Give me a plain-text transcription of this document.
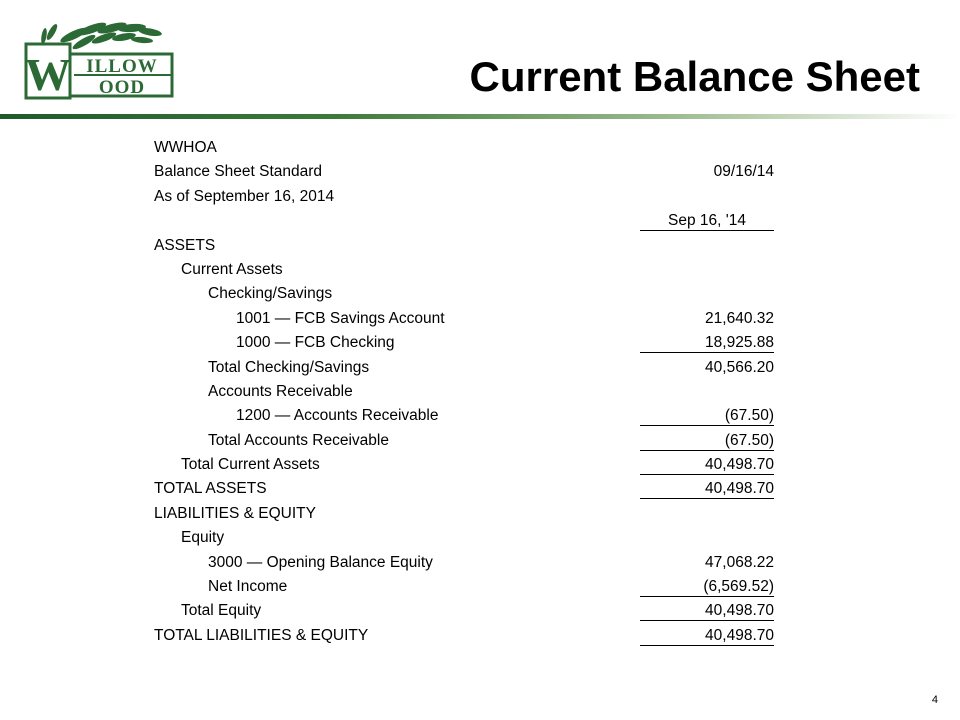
W ILLOW
OOD	Current Balance Sheet
WWHOA
Balance Sheet Standard	09/16/14
As of September 16, 2014
Sep 16, '14
ASSETS
Current Assets
Checking/Savings
1001 — FCB Savings Account	21,640.32
1000 — FCB Checking	18,925.88
Total Checking/Savings	40,566.20
Accounts Receivable
1200 — Accounts Receivable	(67.50)
Total Accounts Receivable	(67.50)
Total Current Assets	40,498.70
TOTAL ASSETS	40,498.70
LIABILITIES & EQUITY
Equity
3000 — Opening Balance Equity	47,068.22
Net Income	(6,569.52)
Total Equity	40,498.70
TOTAL LIABILITIES & EQUITY	40,498.70
4
